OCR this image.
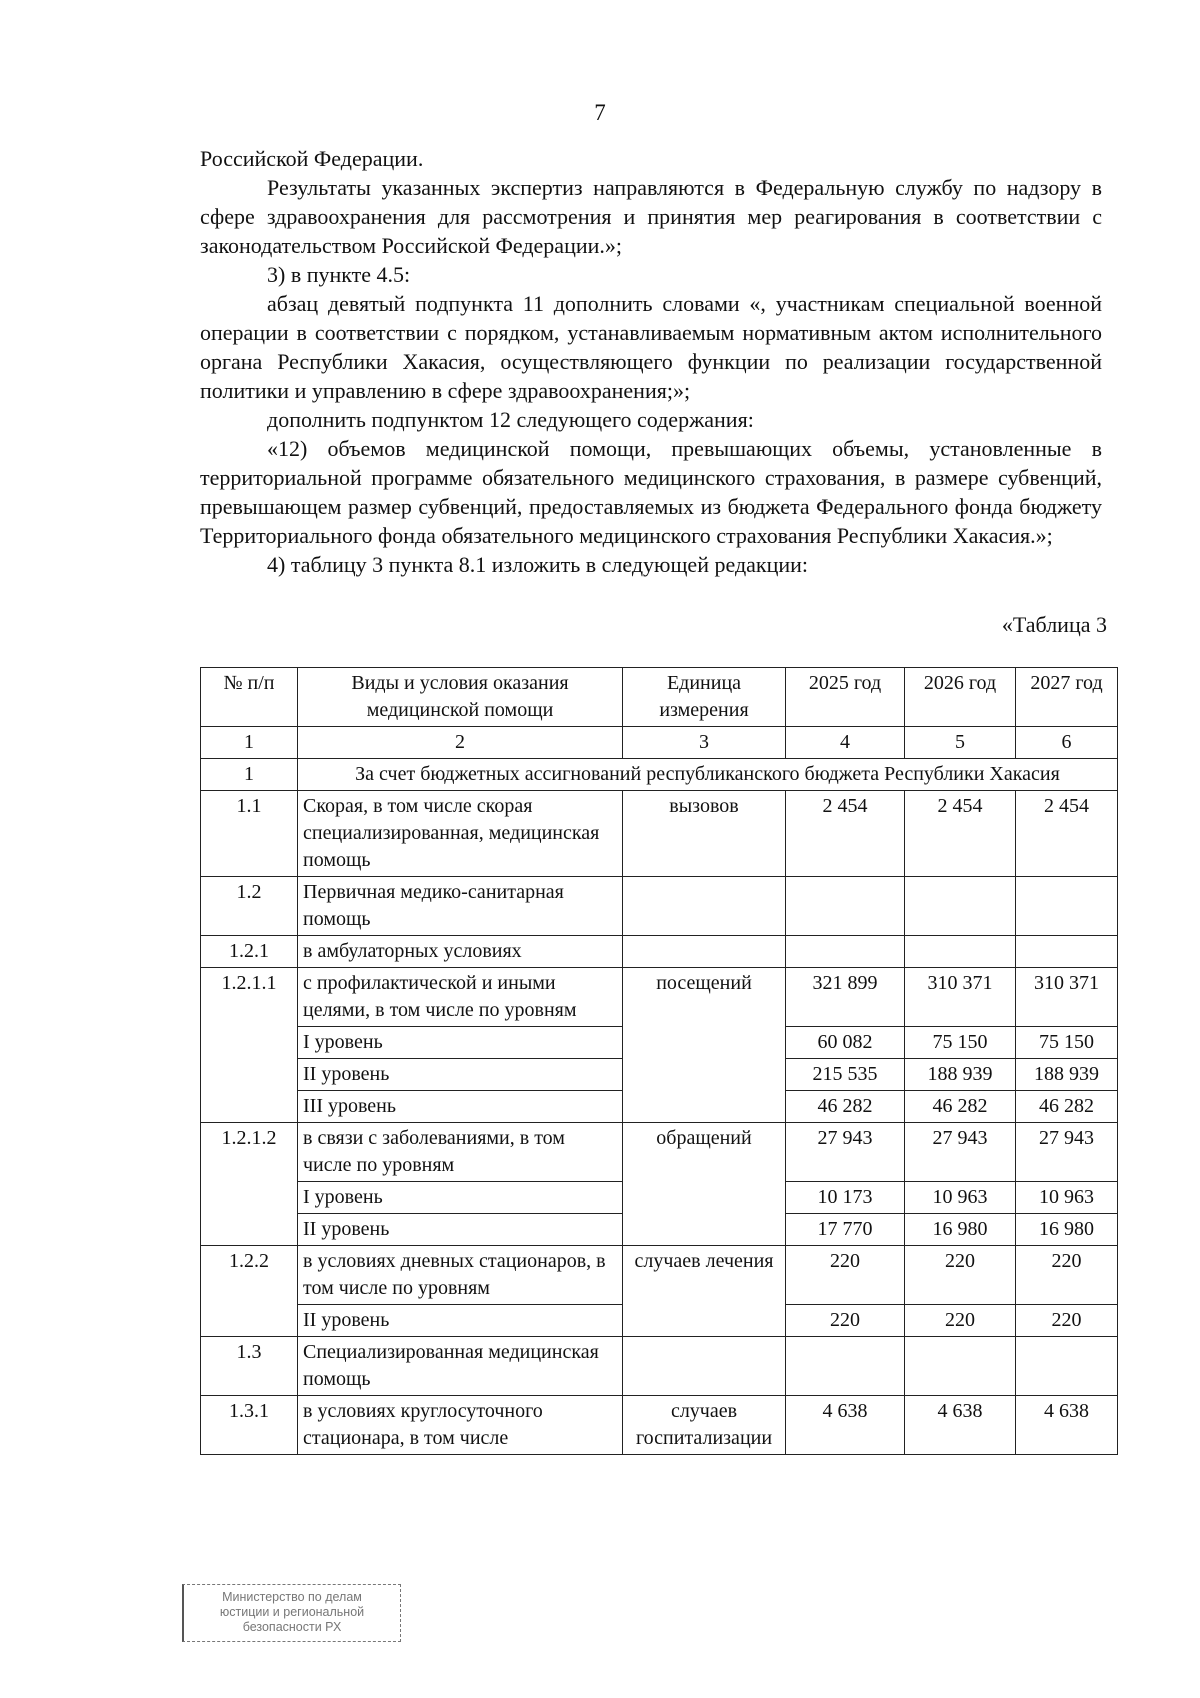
7

Российской Федерации.

Результаты указанных экспертиз направляются в Федеральную службу по надзору в сфере здравоохранения для рассмотрения и принятия мер реагирования в соответствии с законодательством Российской Федерации.»;

3) в пункте 4.5:

абзац девятый подпункта 11 дополнить словами «, участникам специальной военной операции в соответствии с порядком, устанавливаемым нормативным актом исполнительного органа Республики Хакасия, осуществляющего функции по реализации государственной политики и управлению в сфере здравоохранения;»;

дополнить подпунктом 12 следующего содержания:

«12) объемов медицинской помощи, превышающих объемы, установленные в территориальной программе обязательного медицинского страхования, в размере субвенций, превышающем размер субвенций, предоставляемых из бюджета Федерального фонда бюджету Территориального фонда обязательного медицинского страхования Республики Хакасия.»;

4) таблицу 3 пункта 8.1 изложить в следующей редакции:

«Таблица 3
№ п/п	Виды и условия оказания медицинской помощи	Единица измерения	2025 год	2026 год	2027 год
1	2	3	4	5	6
1	За счет бюджетных ассигнований республиканского бюджета Республики Хакасия				
1.1	Скорая, в том числе скорая специализированная, медицинская помощь	вызовов	2 454	2 454	2 454
1.2	Первичная медико-санитарная помощь				
1.2.1	в амбулаторных условиях				
1.2.1.1	с профилактической и иными целями, в том числе по уровням	посещений	321 899	310 371	310 371
	I уровень		60 082	75 150	75 150
	II уровень		215 535	188 939	188 939
	III уровень		46 282	46 282	46 282
1.2.1.2	в связи с заболеваниями, в том числе по уровням	обращений	27 943	27 943	27 943
	I уровень		10 173	10 963	10 963
	II уровень		17 770	16 980	16 980
1.2.2	в условиях дневных стационаров, в том числе по уровням	случаев лечения	220	220	220
	II уровень		220	220	220
1.3	Специализированная медицинская помощь				
1.3.1	в условиях круглосуточного стационара, в том числе	случаев госпитализации	4 638	4 638	4 638
Министерство по делам
юстиции и региональной
безопасности РХ
